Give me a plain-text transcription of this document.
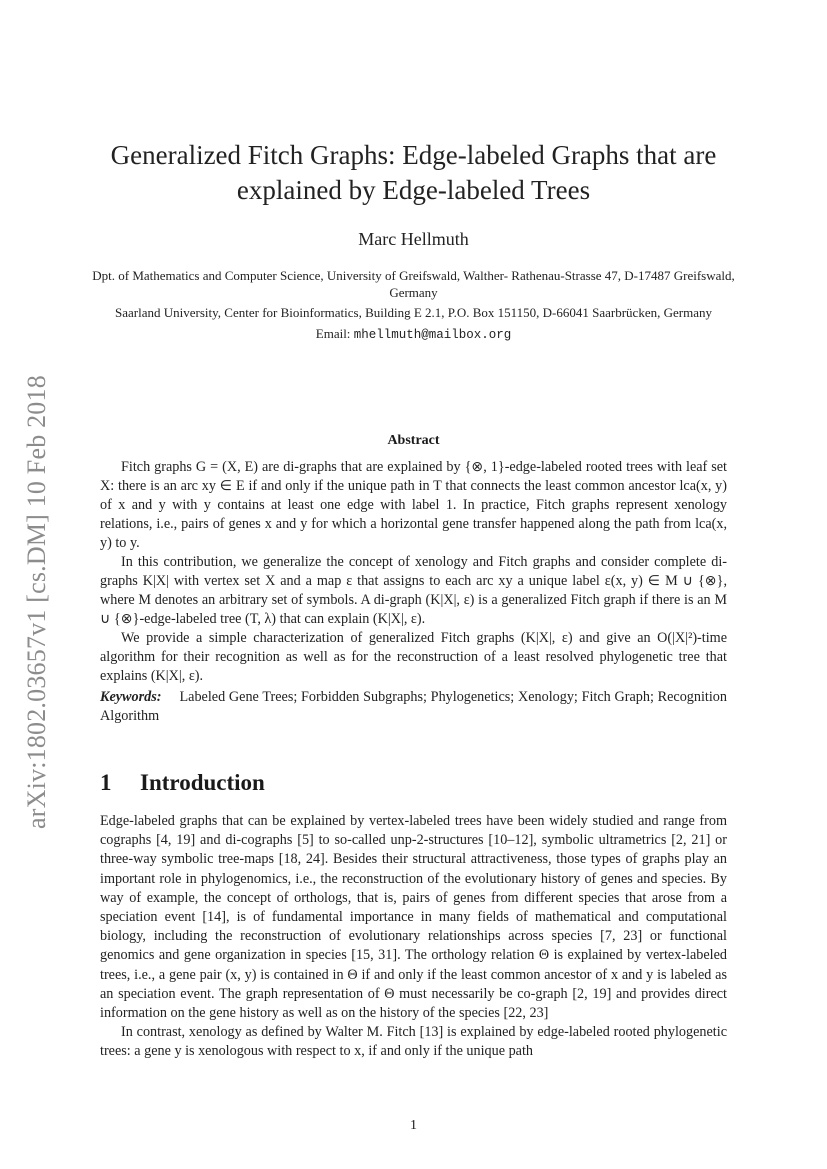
arXiv:1802.03657v1 [cs.DM] 10 Feb 2018
Generalized Fitch Graphs: Edge-labeled Graphs that are explained by Edge-labeled Trees
Marc Hellmuth
Dpt. of Mathematics and Computer Science, University of Greifswald, Walther- Rathenau-Strasse 47, D-17487 Greifswald, Germany
Saarland University, Center for Bioinformatics, Building E 2.1, P.O. Box 151150, D-66041 Saarbrücken, Germany
Email: mhellmuth@mailbox.org
Abstract

Fitch graphs G = (X, E) are di-graphs that are explained by {⊗, 1}-edge-labeled rooted trees with leaf set X: there is an arc xy ∈ E if and only if the unique path in T that connects the least common ancestor lca(x, y) of x and y with y contains at least one edge with label 1. In practice, Fitch graphs represent xenology relations, i.e., pairs of genes x and y for which a horizontal gene transfer happened along the path from lca(x, y) to y.

In this contribution, we generalize the concept of xenology and Fitch graphs and consider complete di-graphs K|X| with vertex set X and a map ε that assigns to each arc xy a unique label ε(x, y) ∈ M ∪ {⊗}, where M denotes an arbitrary set of symbols. A di-graph (K|X|, ε) is a generalized Fitch graph if there is an M ∪ {⊗}-edge-labeled tree (T, λ) that can explain (K|X|, ε).

We provide a simple characterization of generalized Fitch graphs (K|X|, ε) and give an O(|X|²)-time algorithm for their recognition as well as for the reconstruction of a least resolved phylogenetic tree that explains (K|X|, ε).

Keywords: Labeled Gene Trees; Forbidden Subgraphs; Phylogenetics; Xenology; Fitch Graph; Recognition Algorithm

1 Introduction

Edge-labeled graphs that can be explained by vertex-labeled trees have been widely studied and range from cographs [4, 19] and di-cographs [5] to so-called unp-2-structures [10–12], symbolic ultrametrics [2, 21] or three-way symbolic tree-maps [18, 24]. Besides their structural attractiveness, those types of graphs play an important role in phylogenomics, i.e., the reconstruction of the evolutionary history of genes and species. By way of example, the concept of orthologs, that is, pairs of genes from different species that arose from a speciation event [14], is of fundamental importance in many fields of mathematical and computational biology, including the reconstruction of evolutionary relationships across species [7, 23] or functional genomics and gene organization in species [15, 31]. The orthology relation Θ is explained by vertex-labeled trees, i.e., a gene pair (x, y) is contained in Θ if and only if the least common ancestor of x and y is labeled as an speciation event. The graph representation of Θ must necessarily be co-graph [2, 19] and provides direct information on the gene history as well as on the history of the species [22, 23]

In contrast, xenology as defined by Walter M. Fitch [13] is explained by edge-labeled rooted phylogenetic trees: a gene y is xenologous with respect to x, if and only if the unique path

1
